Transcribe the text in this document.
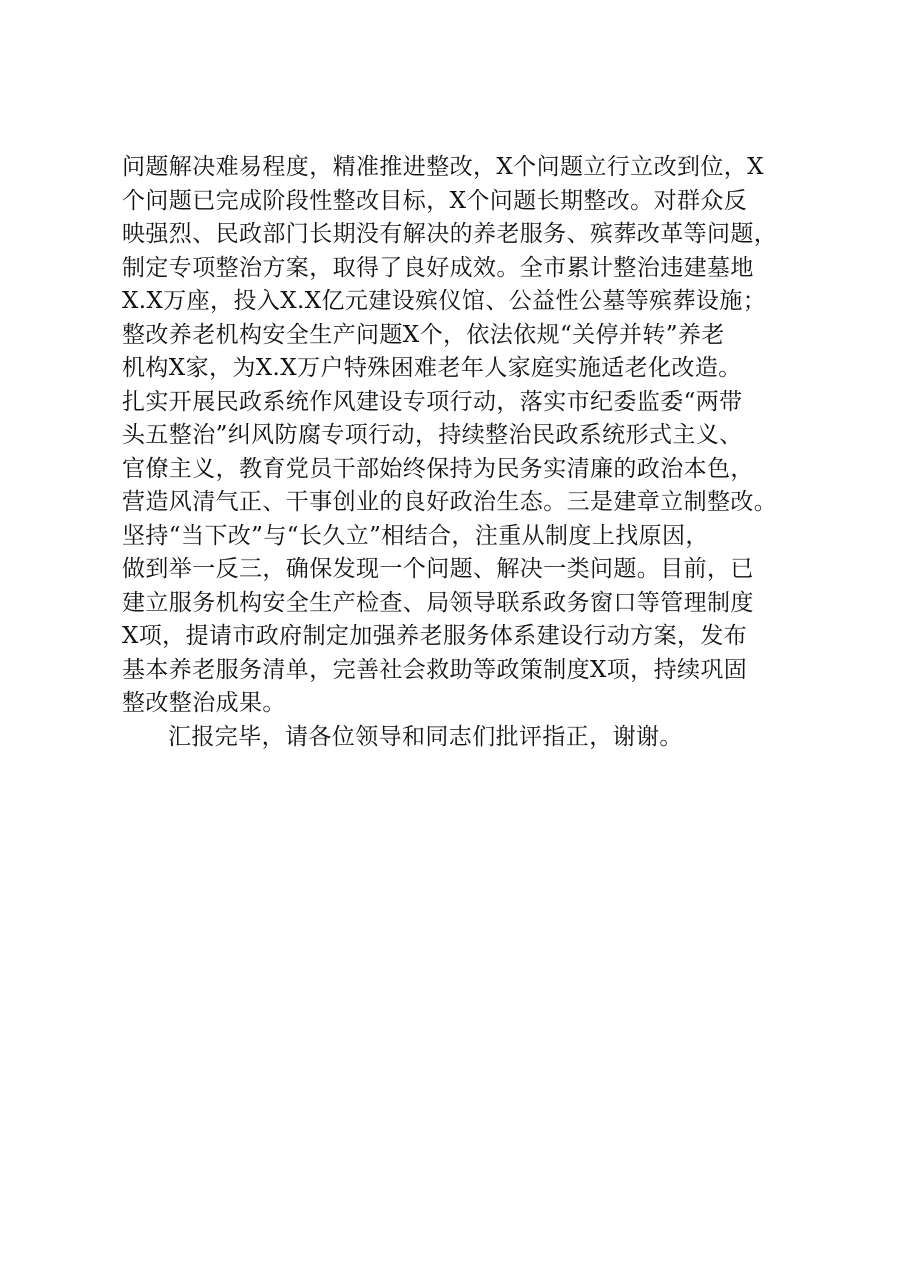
问题解决难易程度，精准推进整改，X个问题立行立改到位，X
个问题已完成阶段性整改目标，X个问题长期整改。对群众反
映强烈、民政部门长期没有解决的养老服务、殡葬改革等问题，
制定专项整治方案，取得了良好成效。全市累计整治违建墓地
X.X万座，投入X.X亿元建设殡仪馆、公益性公墓等殡葬设施；
整改养老机构安全生产问题X个，依法依规“关停并转”养老
机构X家，为X.X万户特殊困难老年人家庭实施适老化改造。
扎实开展民政系统作风建设专项行动，落实市纪委监委“两带
头五整治”纠风防腐专项行动，持续整治民政系统形式主义、
官僚主义，教育党员干部始终保持为民务实清廉的政治本色，
营造风清气正、干事创业的良好政治生态。三是建章立制整改。
坚持“当下改”与“长久立”相结合，注重从制度上找原因，
做到举一反三，确保发现一个问题、解决一类问题。目前，已
建立服务机构安全生产检查、局领导联系政务窗口等管理制度
X项，提请市政府制定加强养老服务体系建设行动方案，发布
基本养老服务清单，完善社会救助等政策制度X项，持续巩固
整改整治成果。
汇报完毕，请各位领导和同志们批评指正，谢谢。
